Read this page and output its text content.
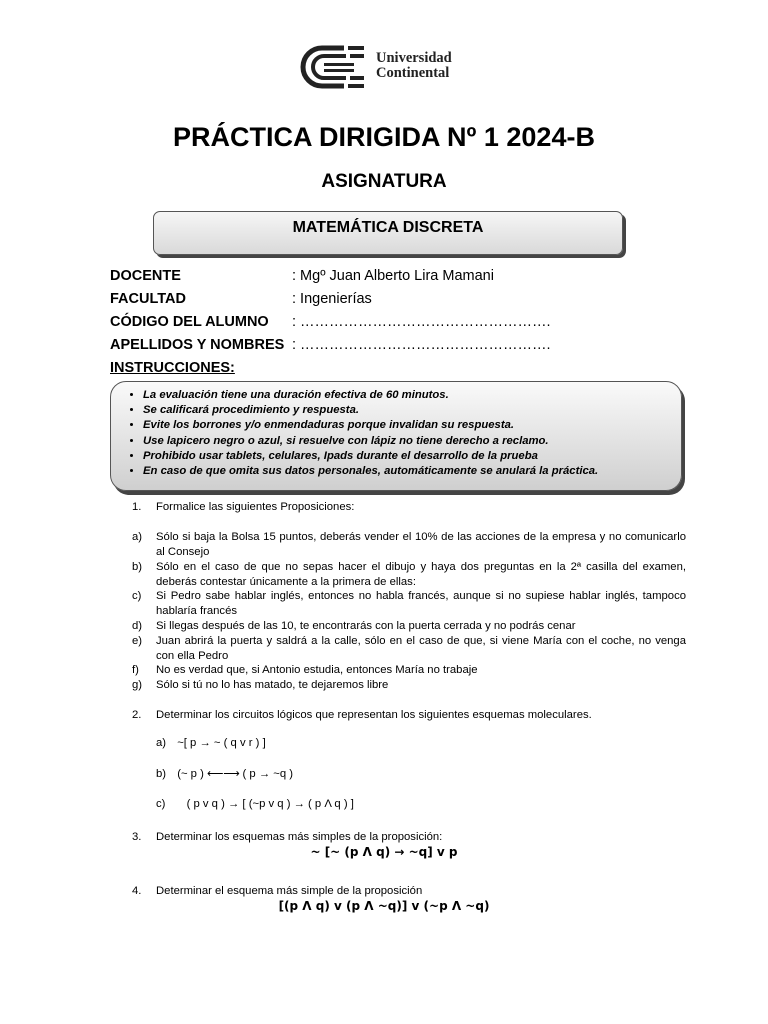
Universidad
Continental
PRÁCTICA DIRIGIDA Nº 1 2024-B
ASIGNATURA
MATEMÁTICA DISCRETA
DOCENTE	: Mgº Juan Alberto Lira Mamani
FACULTAD	: Ingenierías
CÓDIGO DEL ALUMNO : …………………………………………….
APELLIDOS Y NOMBRES : …………………………………………….
INSTRUCCIONES:
• La evaluación tiene una duración efectiva de 60 minutos.
• Se calificará procedimiento y respuesta.
• Evite los borrones y/o enmendaduras porque invalidan su respuesta.
• Use lapicero negro o azul, si resuelve con lápiz no tiene derecho a reclamo.
• Prohibido usar tablets, celulares, Ipads durante el desarrollo de la prueba
• En caso de que omita sus datos personales, automáticamente se anulará la práctica.
1. Formalice las siguientes Proposiciones:
a) Sólo si baja la Bolsa 15 puntos, deberás vender el 10% de las acciones de la empresa y no comunicarlo al Consejo
b) Sólo en el caso de que no sepas hacer el dibujo y haya dos preguntas en la 2ª casilla del examen, deberás contestar únicamente a la primera de ellas:
c) Si Pedro sabe hablar inglés, entonces no habla francés, aunque si no supiese hablar inglés, tampoco hablaría francés
d) Si llegas después de las 10, te encontrarás con la puerta cerrada y no podrás cenar
e) Juan abrirá la puerta y saldrá a la calle, sólo en el caso de que, si viene María con el coche, no venga con ella Pedro
f) No es verdad que, si Antonio estudia, entonces María no trabaje
g) Sólo si tú no lo has matado, te dejaremos libre
2. Determinar los circuitos lógicos que representan los siguientes esquemas moleculares.
a) ~[ p → ~ ( q v r ) ]
b) (~ p ) ⟵⟶ ( p → ~q )
c) ( p v q ) → [ (~p v q ) → ( p Λ q ) ]
3. Determinar los esquemas más simples de la proposición:
~ [~ (p Λ q) → ~q] v p
4. Determinar el esquema más simple de la proposición
[(p Λ q) v (p Λ ~q)] v (~p Λ ~q)
